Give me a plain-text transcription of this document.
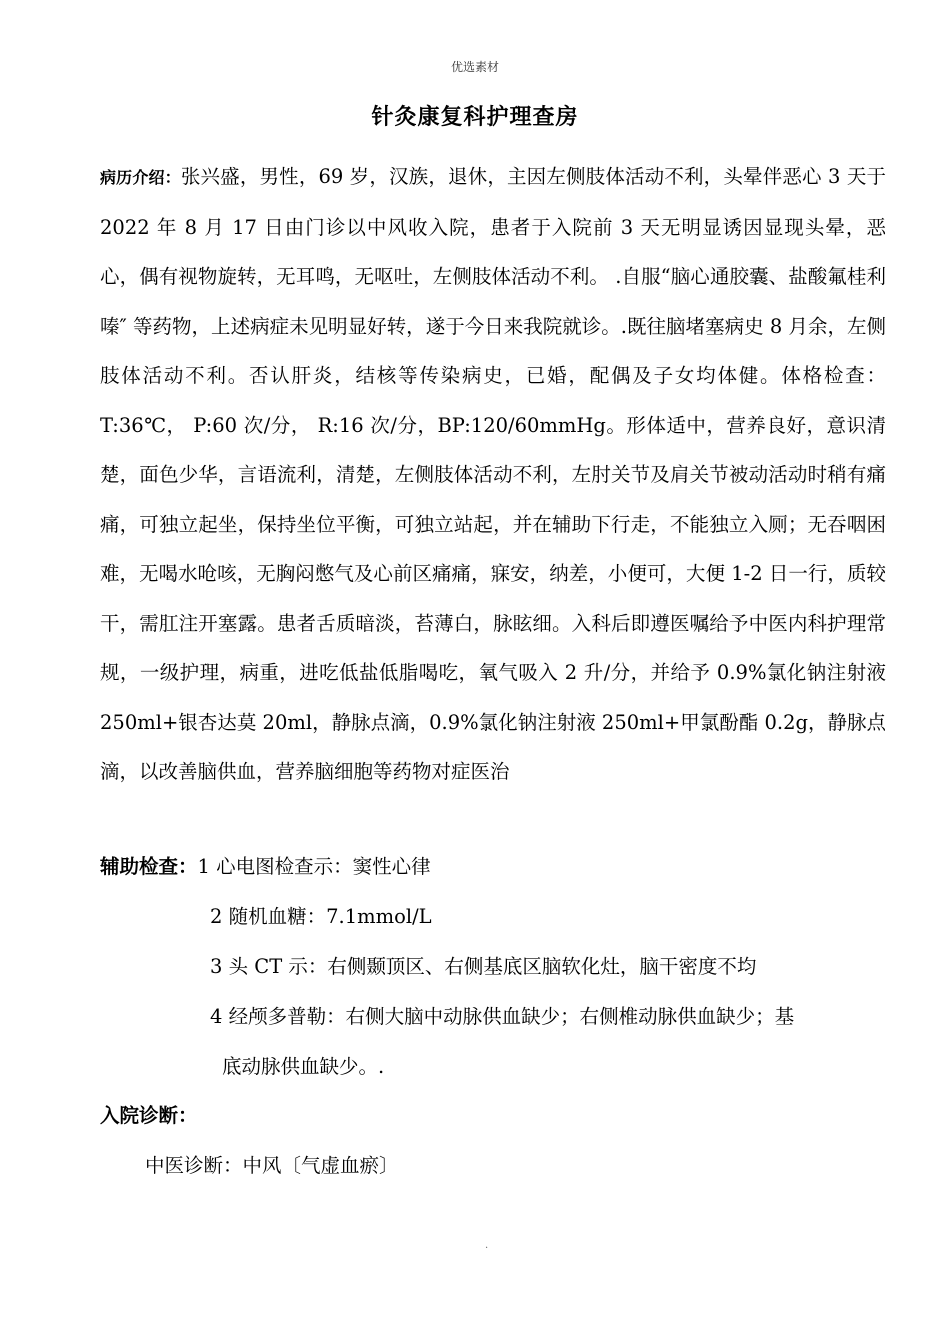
优选素材
针灸康复科护理查房
病历介绍：张兴盛，男性，69 岁，汉族，退休，主因左侧肢体活动不利，头晕伴恶心 3 天于 2022 年 8 月 17 日由门诊以中风收入院，患者于入院前 3 天无明显诱因显现头晕，恶心，偶有视物旋转，无耳鸣，无呕吐，左侧肢体活动不利。 .自服“脑心通胶囊、盐酸氟桂利嗪″ 等药物，上述病症未见明显好转，遂于今日来我院就诊。.既往脑堵塞病史 8 月余，左侧肢体活动不利。否认肝炎，结核等传染病史，已婚，配偶及子女均体健。体格检查：T:36℃， P:60 次/分， R:16 次/分，BP:120/60mmHg。形体适中，营养良好，意识清楚，面色少华，言语流利，清楚，左侧肢体活动不利，左肘关节及肩关节被动活动时稍有痛痛，可独立起坐，保持坐位平衡，可独立站起，并在辅助下行走，不能独立入厕；无吞咽困难，无喝水呛咳，无胸闷憋气及心前区痛痛，寐安，纳差，小便可，大便 1-2 日一行，质较干，需肛注开塞露。患者舌质暗淡，苔薄白，脉眩细。入科后即遵医嘱给予中医内科护理常规，一级护理，病重，进吃低盐低脂喝吃，氧气吸入 2 升/分，并给予 0.9%氯化钠注射液 250ml+银杏达莫 20ml，静脉点滴，0.9%氯化钠注射液 250ml+甲氯酚酯 0.2g，静脉点滴，以改善脑供血，营养脑细胞等药物对症医治
辅助检查：1 心电图检查示：窦性心律
2 随机血糖：7.1mmol/L
3 头 CT 示：右侧颞顶区、右侧基底区脑软化灶，脑干密度不均
4 经颅多普勒：右侧大脑中动脉供血缺少；右侧椎动脉供血缺少；基
底动脉供血缺少。.
入院诊断：
中医诊断：中风〔气虚血瘀〕
.
